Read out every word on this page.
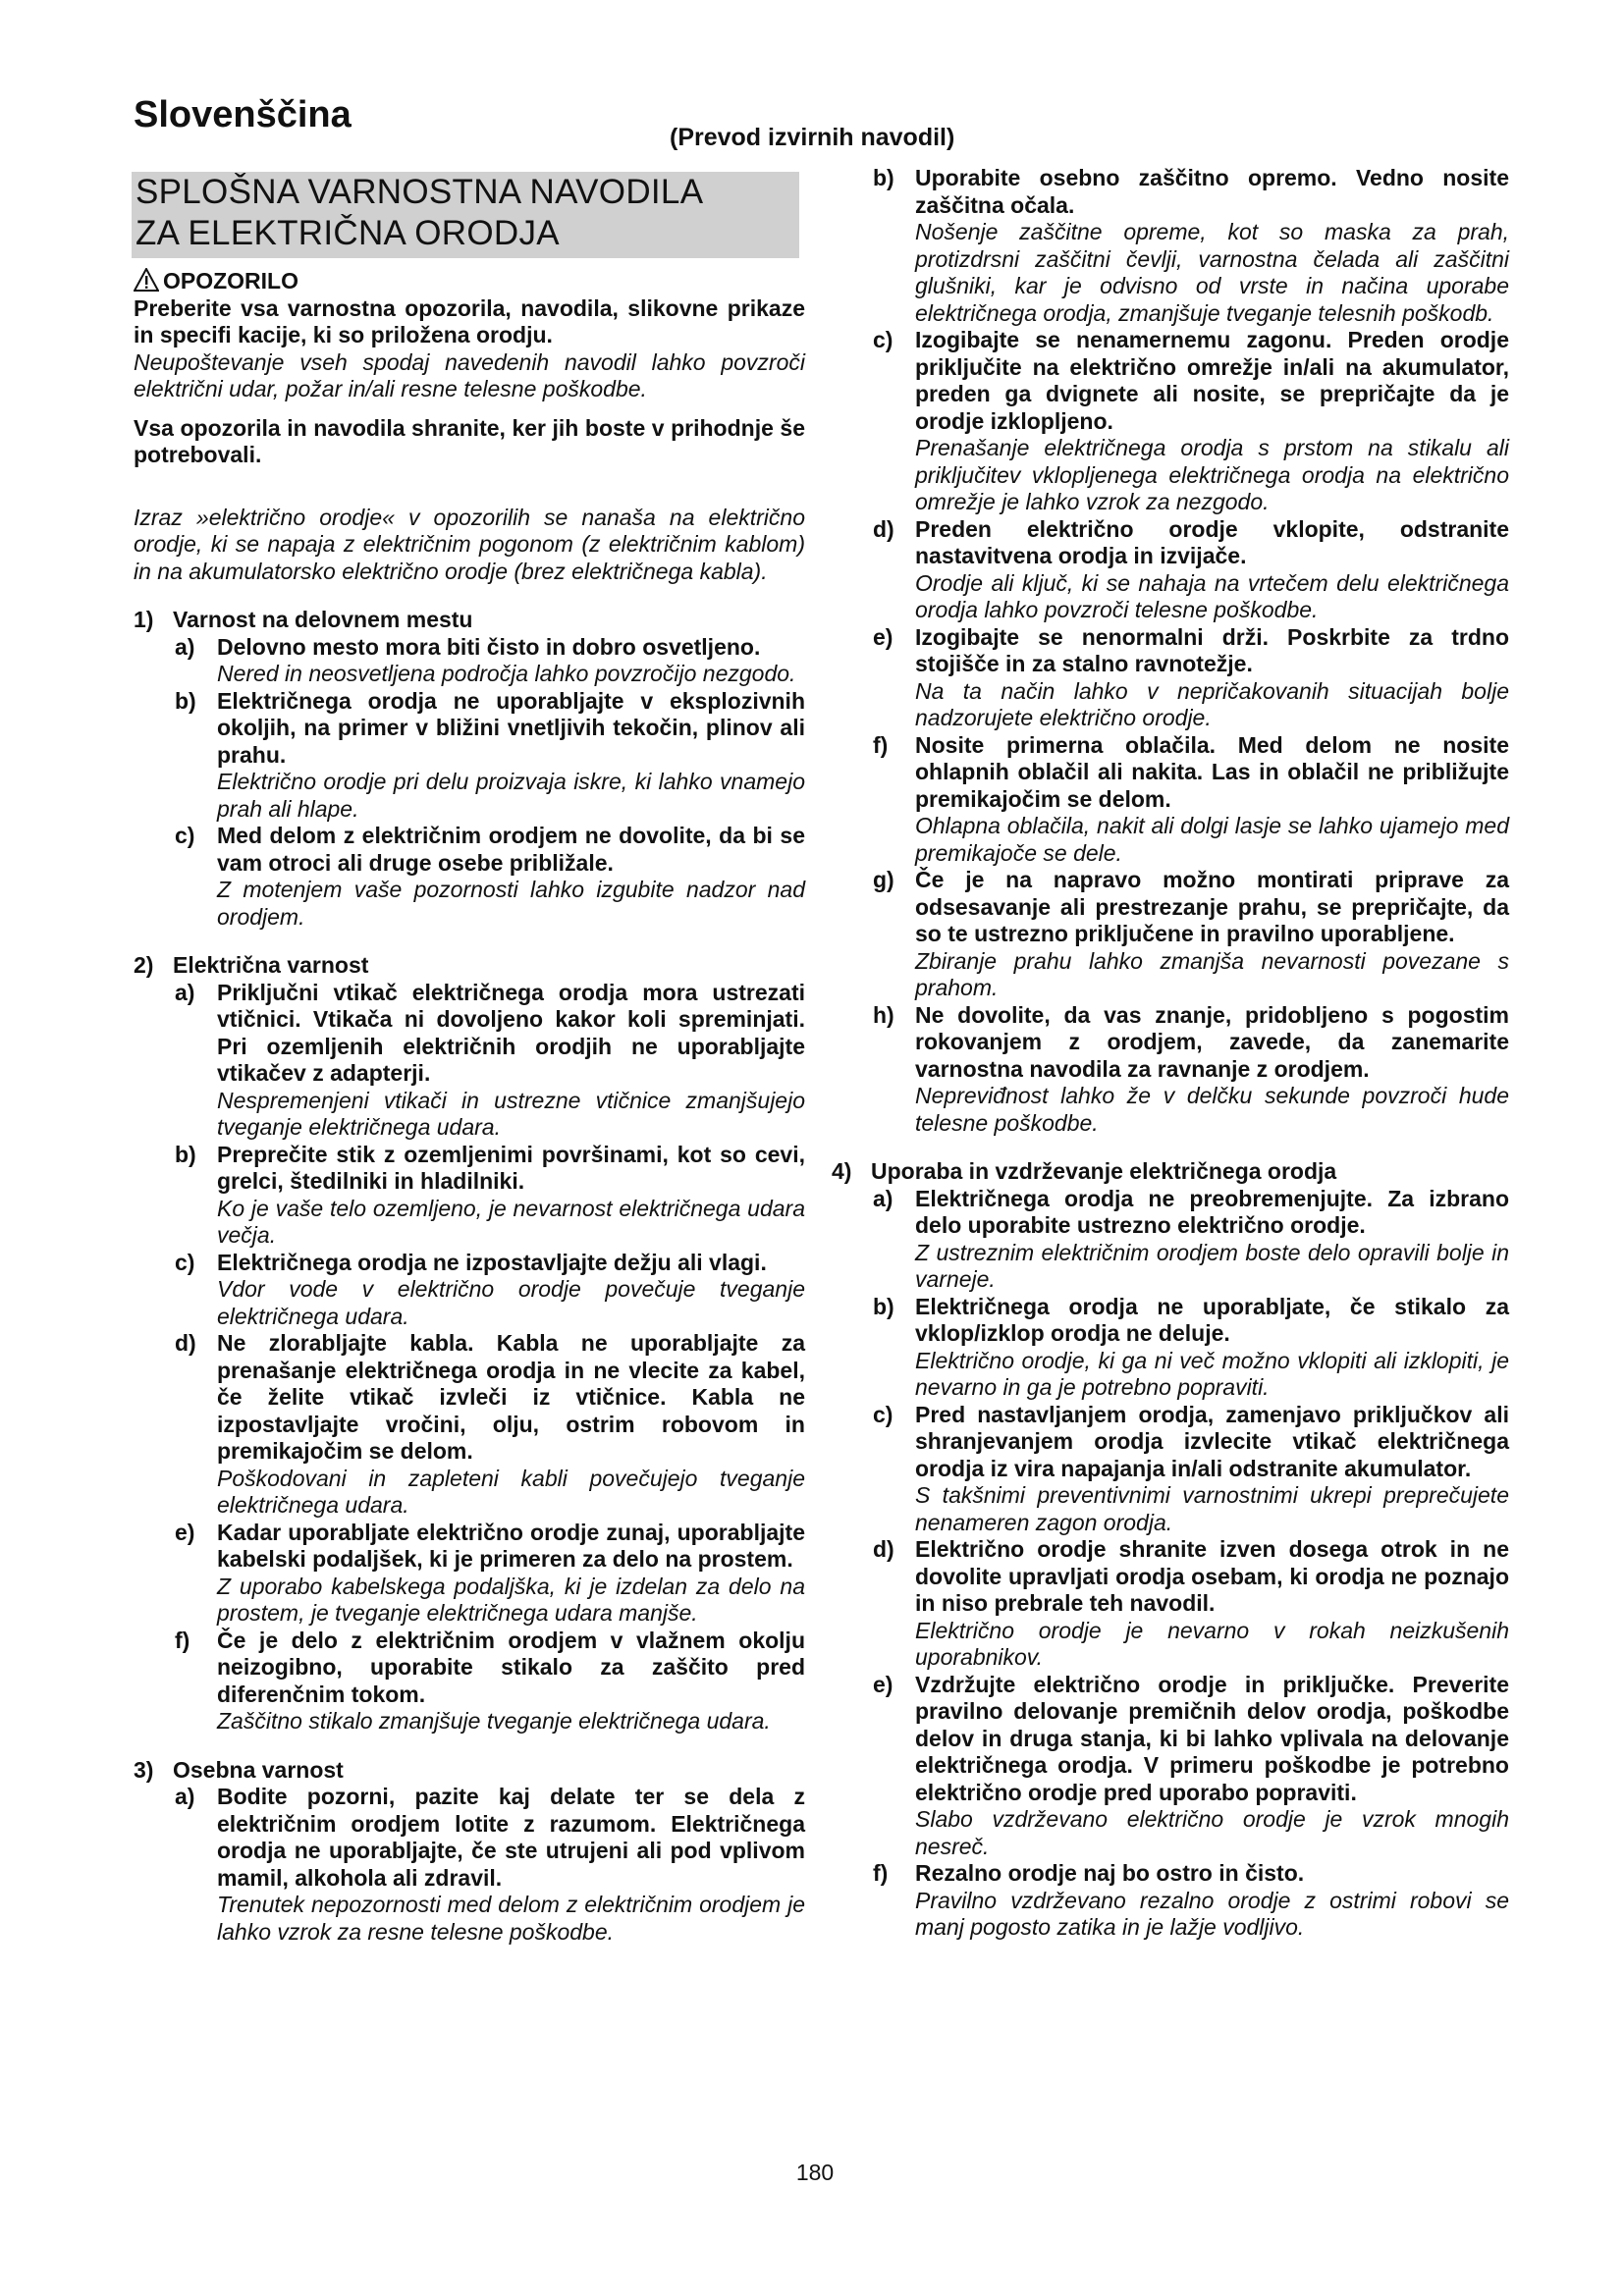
Slovenščina
(Prevod izvirnih navodil)
SPLOŠNA VARNOSTNA NAVODILA
ZA ELEKTRIČNA ORODJA
OPOZORILO

Preberite vsa varnostna opozorila, navodila, slikovne prikaze in specifi kacije, ki so priložena orodju.

Neupoštevanje vseh spodaj navedenih navodil lahko povzroči električni udar, požar in/ali resne telesne poškodbe.

Vsa opozorila in navodila shranite, ker jih boste v prihodnje še potrebovali.

Izraz »električno orodje« v opozorilih se nanaša na električno orodje, ki se napaja z električnim pogonom (z električnim kablom) in na akumulatorsko električno orodje (brez električnega kabla).

1) Varnost na delovnem mestu
a) Delovno mesto mora biti čisto in dobro osvetljeno.

Nered in neosvetljena področja lahko povzročijo nezgodo.

b) Električnega orodja ne uporabljajte v eksplozivnih okoljih, na primer v bližini vnetljivih tekočin, plinov ali prahu.

Električno orodje pri delu proizvaja iskre, ki lahko vnamejo prah ali hlape.

c) Med delom z električnim orodjem ne dovolite, da bi se vam otroci ali druge osebe približale.

Z motenjem vaše pozornosti lahko izgubite nadzor nad orodjem.

2) Električna varnost
a) Priključni vtikač električnega orodja mora ustrezati vtičnici. Vtikača ni dovoljeno kakor koli spreminjati. Pri ozemljenih električnih orodjih ne uporabljajte vtikačev z adapterji.

Nespremenjeni vtikači in ustrezne vtičnice zmanjšujejo tveganje električnega udara.

b) Preprečite stik z ozemljenimi površinami, kot so cevi, grelci, štedilniki in hladilniki.

Ko je vaše telo ozemljeno, je nevarnost električnega udara večja.

c) Električnega orodja ne izpostavljajte dežju ali vlagi.

Vdor vode v električno orodje povečuje tveganje električnega udara.

d) Ne zlorabljajte kabla. Kabla ne uporabljajte za prenašanje električnega orodja in ne vlecite za kabel, če želite vtikač izvleči iz vtičnice. Kabla ne izpostavljajte vročini, olju, ostrim robovom in premikajočim se delom.

Poškodovani in zapleteni kabli povečujejo tveganje električnega udara.

e) Kadar uporabljate električno orodje zunaj, uporabljajte kabelski podaljšek, ki je primeren za delo na prostem.

Z uporabo kabelskega podaljška, ki je izdelan za delo na prostem, je tveganje električnega udara manjše.

f)	Če je delo z električnim orodjem v vlažnem okolju neizogibno, uporabite stikalo za zaščito pred diferenčnim tokom.

Zaščitno stikalo zmanjšuje tveganje električnega udara.

3) Osebna varnost
a) Bodite pozorni, pazite kaj delate ter se dela z električnim orodjem lotite z razumom. Električnega orodja ne uporabljajte, če ste utrujeni ali pod vplivom mamil, alkohola ali zdravil.

Trenutek nepozornosti med delom z električnim orodjem je lahko vzrok za resne telesne poškodbe.

b) Uporabite osebno zaščitno opremo. Vedno nosite zaščitna očala.

Nošenje zaščitne opreme, kot so maska za prah, protizdrsni zaščitni čevlji, varnostna čelada ali zaščitni glušniki, kar je odvisno od vrste in načina uporabe električnega orodja, zmanjšuje tveganje telesnih poškodb.

c) Izogibajte se nenamernemu zagonu. Preden orodje priključite na električno omrežje in/ali na akumulator, preden ga dvignete ali nosite, se prepričajte da je orodje izklopljeno.

Prenašanje električnega orodja s prstom na stikalu ali priključitev vklopljenega električnega orodja na električno omrežje je lahko vzrok za nezgodo.

d) Preden električno orodje vklopite, odstranite nastavitvena orodja in izvijače.

Orodje ali ključ, ki se nahaja na vrtečem delu električnega orodja lahko povzroči telesne poškodbe.

e) Izogibajte se nenormalni drži. Poskrbite za trdno stojišče in za stalno ravnotežje.

Na ta način lahko v nepričakovanih situacijah bolje nadzorujete električno orodje.

f)	Nosite primerna oblačila. Med delom ne nosite ohlapnih oblačil ali nakita. Las in oblačil ne približujte premikajočim se delom.

Ohlapna oblačila, nakit ali dolgi lasje se lahko ujamejo med premikajoče se dele.

g) Če je na napravo možno montirati priprave za odsesavanje ali prestrezanje prahu, se prepričajte, da so te ustrezno priključene in pravilno uporabljene.

Zbiranje prahu lahko zmanjša nevarnosti povezane s prahom.

h) Ne dovolite, da vas znanje, pridobljeno s pogostim rokovanjem z orodjem, zavede, da zanemarite varnostna navodila za ravnanje z orodjem.

Nepreviđnost lahko že v delčku sekunde povzroči hude telesne poškodbe.

4) Uporaba in vzdrževanje električnega orodja
a) Električnega orodja ne preobremenjujte. Za izbrano delo uporabite ustrezno električno orodje.

Z ustreznim električnim orodjem boste delo opravili bolje in varneje.

b) Električnega orodja ne uporabljate, če stikalo za vklop/izklop orodja ne deluje.

Električno orodje, ki ga ni več možno vklopiti ali izklopiti, je nevarno in ga je potrebno popraviti.

c) Pred nastavljanjem orodja, zamenjavo priključkov ali shranjevanjem orodja izvlecite vtikač električnega orodja iz vira napajanja in/ali odstranite akumulator.

S takšnimi preventivnimi varnostnimi ukrepi preprečujete nenameren zagon orodja.

d) Električno orodje shranite izven dosega otrok in ne dovolite upravljati orodja osebam, ki orodja ne poznajo in niso prebrale teh navodil.

Električno orodje je nevarno v rokah neizkušenih uporabnikov.

e) Vzdržujte električno orodje in priključke. Preverite pravilno delovanje premičnih delov orodja, poškodbe delov in druga stanja, ki bi lahko vplivala na delovanje električnega orodja. V primeru poškodbe je potrebno električno orodje pred uporabo popraviti.

Slabo vzdrževano električno orodje je vzrok mnogih nesreč.

f)	Rezalno orodje naj bo ostro in čisto.

Pravilno vzdrževano rezalno orodje z ostrimi robovi se manj pogosto zatika in je lažje vodljivo.

180
